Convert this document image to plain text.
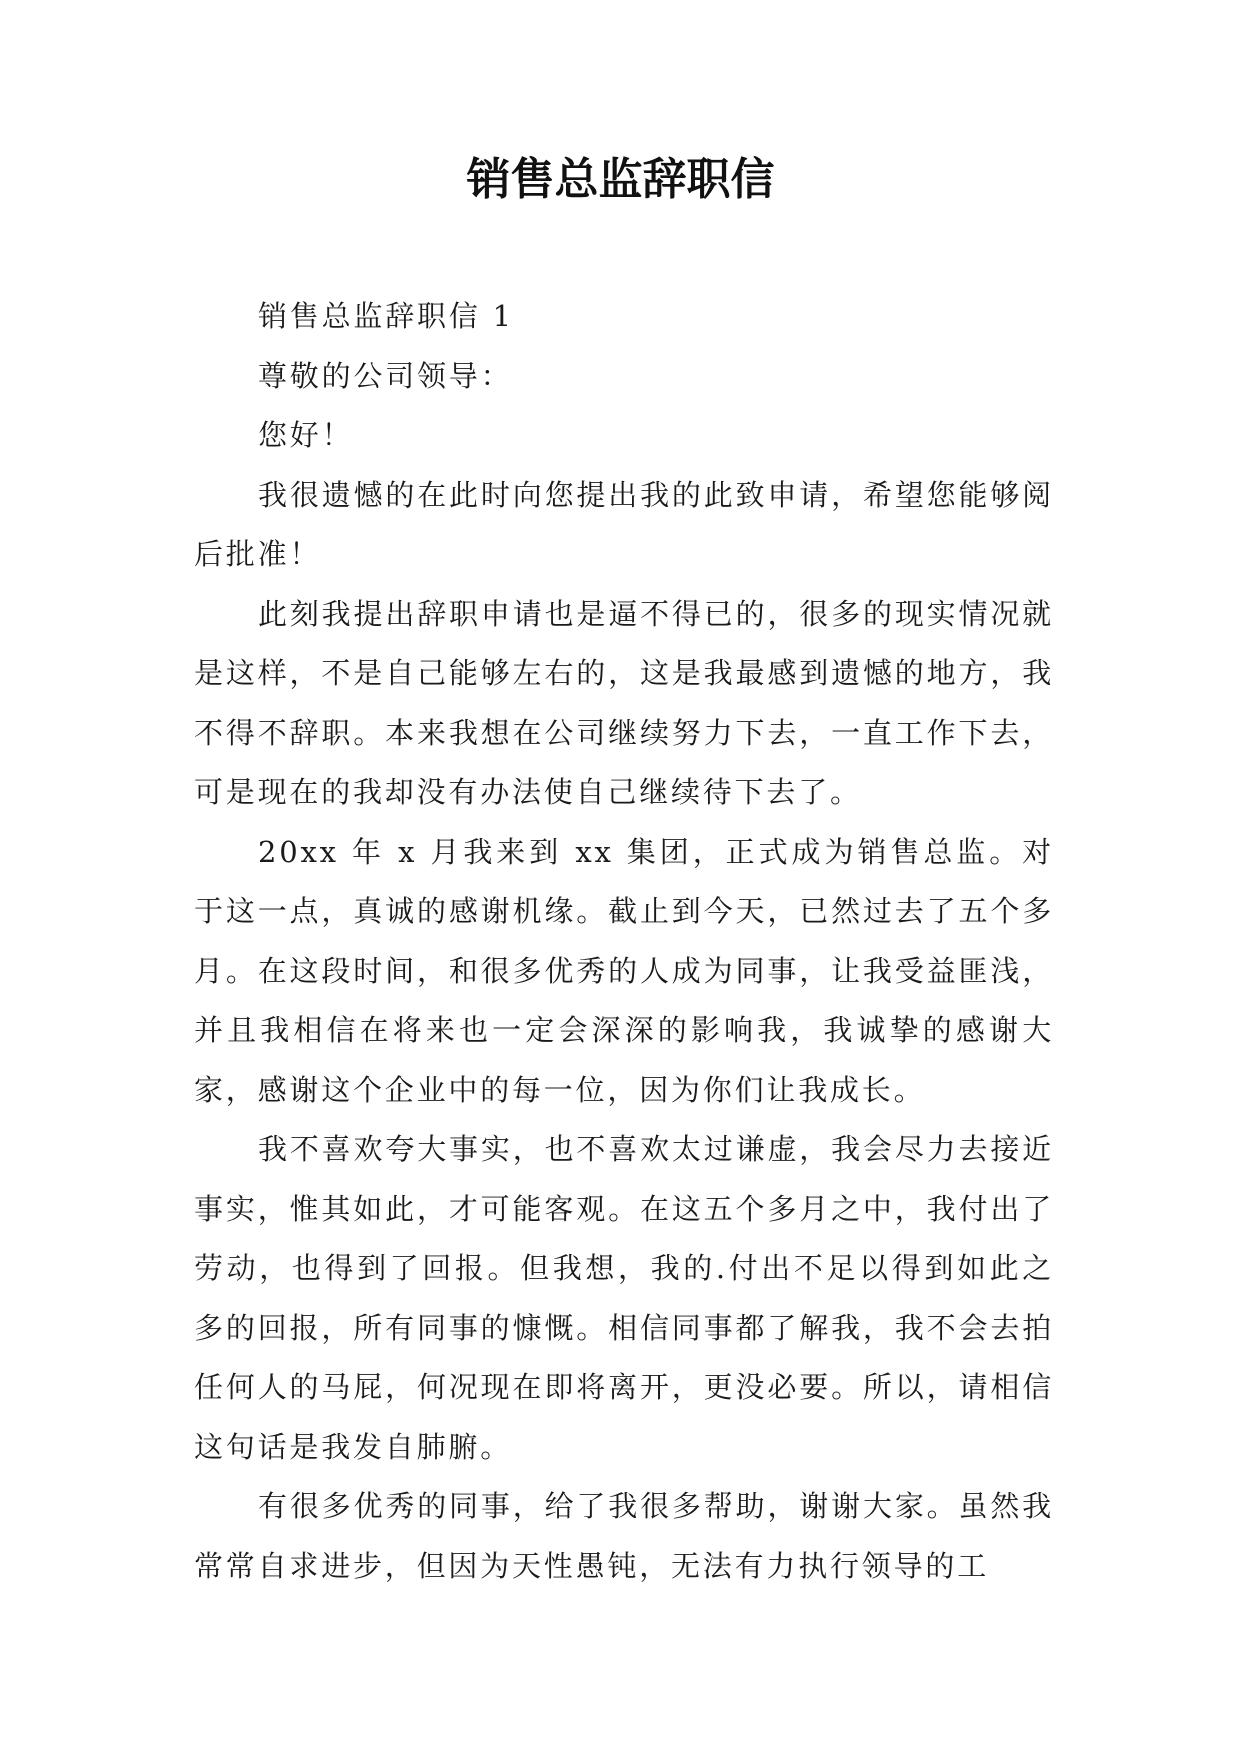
销售总监辞职信

销售总监辞职信 1

尊敬的公司领导：

您好！

我很遗憾的在此时向您提出我的此致申请，希望您能够阅后批准！

此刻我提出辞职申请也是逼不得已的，很多的现实情况就是这样，不是自己能够左右的，这是我最感到遗憾的地方，我不得不辞职。本来我想在公司继续努力下去，一直工作下去，可是现在的我却没有办法使自己继续待下去了。

20xx 年 x 月我来到 xx 集团，正式成为销售总监。对于这一点，真诚的感谢机缘。截止到今天，已然过去了五个多月。在这段时间，和很多优秀的人成为同事，让我受益匪浅，并且我相信在将来也一定会深深的影响我，我诚挚的感谢大家，感谢这个企业中的每一位，因为你们让我成长。

我不喜欢夸大事实，也不喜欢太过谦虚，我会尽力去接近事实，惟其如此，才可能客观。在这五个多月之中，我付出了劳动，也得到了回报。但我想，我的.付出不足以得到如此之多的回报，所有同事的慷慨。相信同事都了解我，我不会去拍任何人的马屁，何况现在即将离开，更没必要。所以，请相信这句话是我发自肺腑。

有很多优秀的同事，给了我很多帮助，谢谢大家。虽然我常常自求进步，但因为天性愚钝，无法有力执行领导的工
